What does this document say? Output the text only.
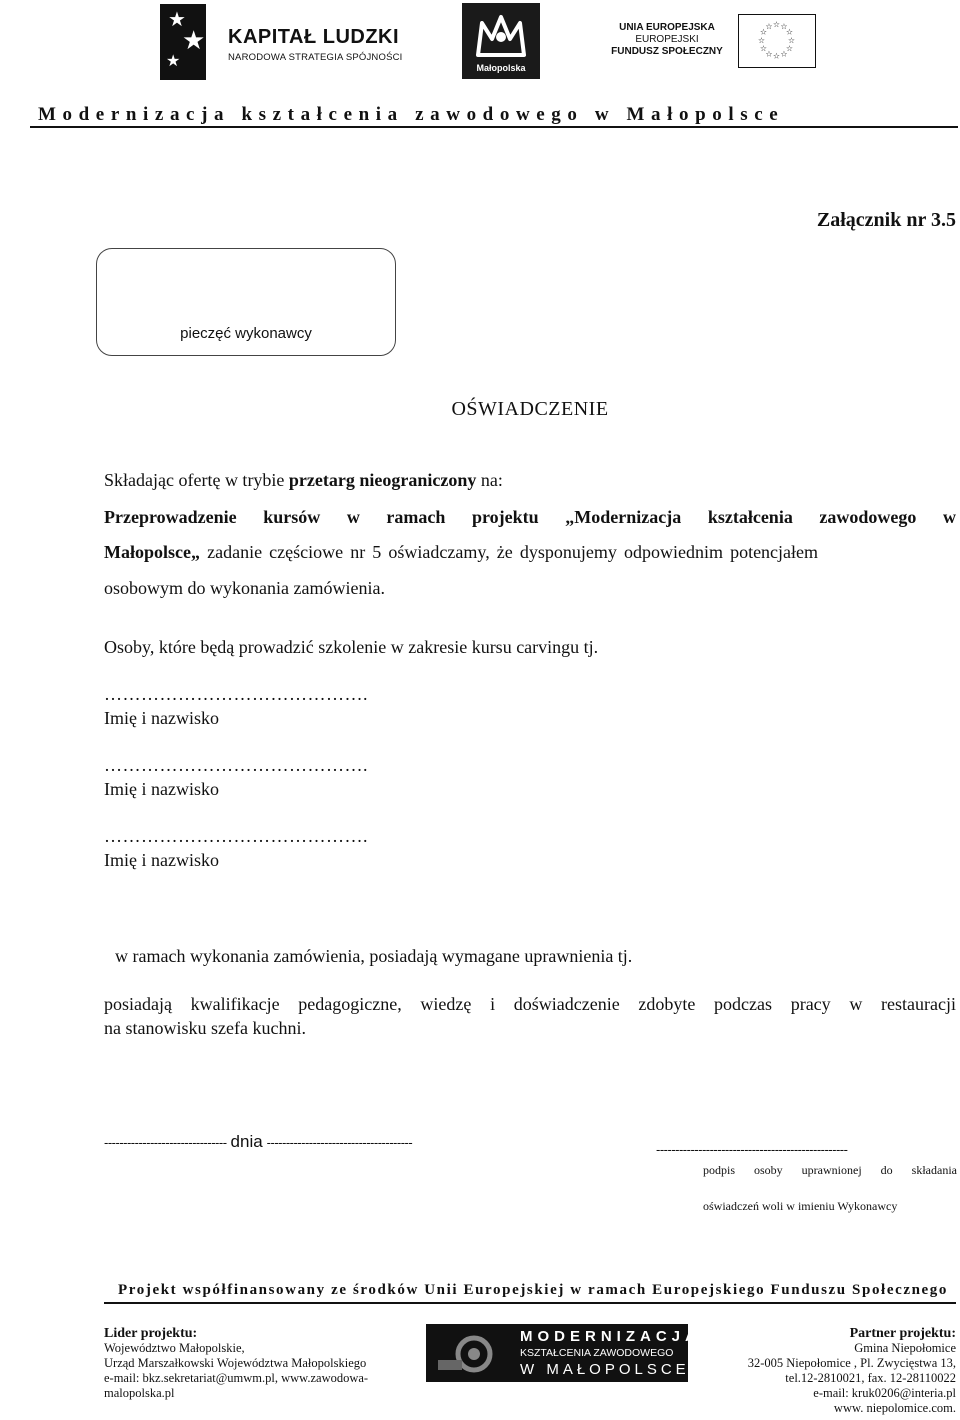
★
★
★
KAPITAŁ LUDZKI
NARODOWA STRATEGIA SPÓJNOŚCI
Małopolska
UNIA EUROPEJSKA
EUROPEJSKI
FUNDUSZ SPOŁECZNY
☆ ☆
☆
☆
☆
☆
☆
☆
☆
☆
☆
☆
Modernizacja kształcenia zawodowego w Małopolsce
Załącznik nr 3.5
pieczęć wykonawcy
OŚWIADCZENIE
Składając ofertę w trybie przetarg nieograniczony na:
Przeprowadzenie kursów w ramach projektu „Modernizacja kształcenia zawodowego w
Małopolsce„ zadanie częściowe nr 5 oświadczamy, że dysponujemy odpowiednim potencjałem
osobowym do wykonania zamówienia.
Osoby, które będą prowadzić szkolenie w zakresie kursu carvingu tj.
…………………………………….
Imię i nazwisko
…………………………………….
Imię i nazwisko
…………………………………….
Imię i nazwisko
w ramach wykonania zamówienia, posiadają wymagane uprawnienia tj.
posiadają kwalifikacje pedagogiczne, wiedzę i doświadczenie zdobyte podczas pracy w restauracji
na stanowisku szefa kuchni.
-------------------------------- dnia --------------------------------------	--------------------------------------------------
podpis osoby uprawnionej do składania
oświadczeń woli w imieniu Wykonawcy
Projekt współfinansowany ze środków Unii Europejskiej w ramach Europejskiego Funduszu Społecznego
Lider projektu:
Województwo Małopolskie,
Urząd Marszałkowski Województwa Małopolskiego
e-mail: bkz.sekretariat@umwm.pl, www.zawodowa-
malopolska.pl
MODERNIZACJA
KSZTAŁCENIA ZAWODOWEGO
W MAŁOPOLSCE
Partner projektu:
Gmina Niepołomice
32-005 Niepołomice , Pl. Zwycięstwa 13,
tel.12-2810021, fax. 12-28110022
e-mail: kruk0206@interia.pl
www. niepolomice.com.
